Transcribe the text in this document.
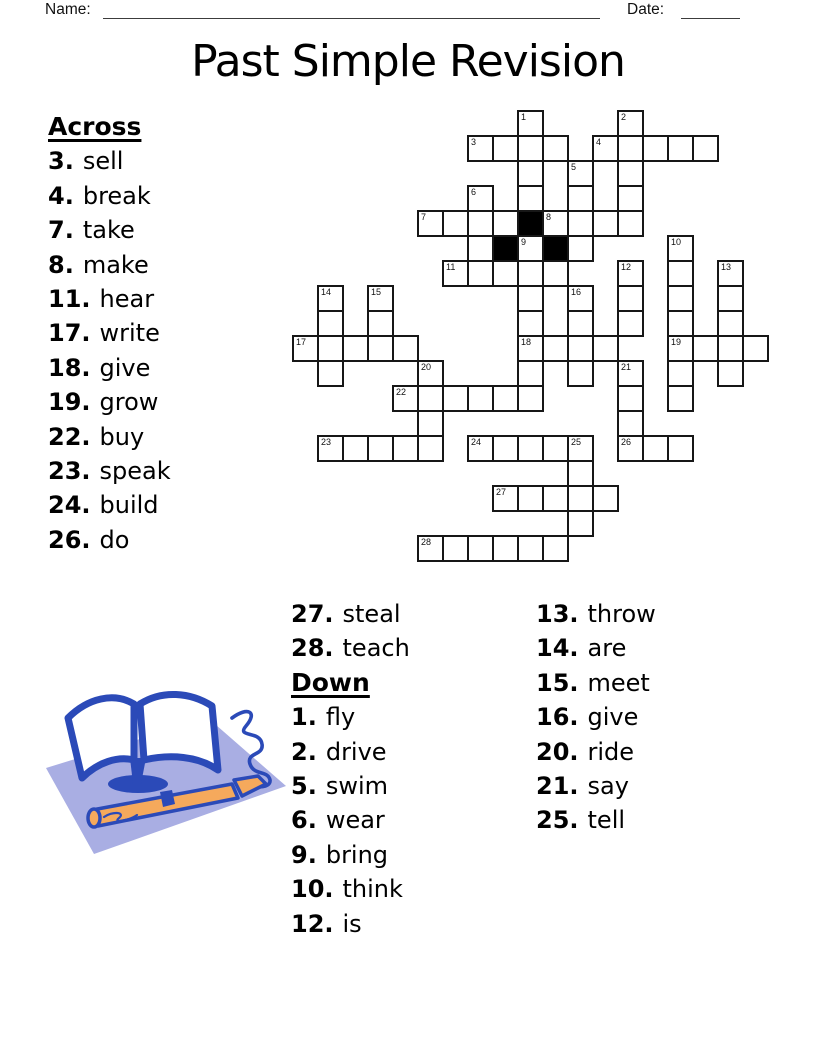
Name:	Date:
Past Simple Revision
Across
3. sell
4. break
7. take
8. make
11. hear
17. write
18. give
19. grow
22. buy
23. speak
24. build
26. do
1	2
3	4
5
6
7	8
9	10
11	12	13
14	15	16
17	18	19
20	21
22
23	24	25	26
27
28
27. steal
28. teach
Down
1. fly
2. drive
5. swim
6. wear
9. bring
10. think
12. is
13. throw
14. are
15. meet
16. give
20. ride
21. say
25. tell
